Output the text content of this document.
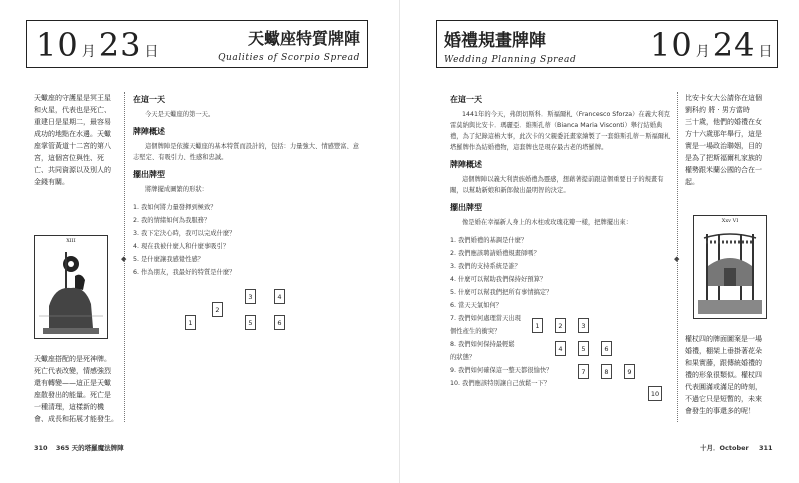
10 月 23 日
天蠍座特質牌陣
Qualities of Scorpio Spread
天蠍座的守護星是冥王星
和火星，代表也是死亡、
重建日是星期二，最容易
成功的地點在水邊。天蠍
座掌管黃道十二宮的第八
宮，這個宮位與性、死
亡、共同資源以及別人的
金錢有關。
XIII
天蠍座搭配的是死神牌。
死亡代表改變，情感強烈
還有轉變——這正是天蠍
座散發出的能量。死亡是
一種清理，這樣新的機
會、成長和拓展才能發生。
◆
在這一天
今天是天蠍座的第一天。
牌陣概述
這個牌陣是依據天蠍座的基本特質而設計的，包括：力量強大、情感豐富、意志堅定、有吸引力、性感和忠誠。
擺出牌型
將牌擺成圖繁的形狀：
1. 我如何將力量發揮到極致？
2. 我的情緒如何為我服務？
3. 我下定決心時，我可以完成什麼？
4. 現在我被什麼人和什麼事吸引？
5. 是什麼讓我感覺性感？
6. 作為朋友，我最好的特質是什麼？
1
2
3	4
5	6
310 365 天的塔羅魔法牌陣
婚禮規畫牌陣
Wedding Planning Spread	10 月 24 日
在這一天
1441年的今天，弗朗切斯科．斯福爾札（Francesco Sforza）在義大利克雷莫納與比安卡．瑪麗亞．維斯孔蒂（Bianca Maria Visconti）舉行結婚典禮，為了紀錄這樁大事，此次卡的父親委託畫家繪製了一套維斯孔蒂－斯福爾札塔羅牌作為結婚禮物，這套牌也是現存最古老的塔羅牌。
牌陣概述
這個牌陣以義大利貴族婚禮為靈感，想藉著提前跟這個重要日子的規畫有關，以幫助新娘和新郎做出最明智的決定。
擺出牌型
像是婚在幸福新人身上的木柱或玫瑰花瓣一樣，把牌擺出來：
1. 我們婚禮的基調是什麼？
2. 我們應該聘請婚禮規畫師嗎？
3. 我們的支持系統是誰？
4. 什麼可以幫助我們保持好預算？
5. 什麼可以幫我們把所有事情搞定？
6. 當天天氣如何？
7. 我們如何處理當天出現
個性產生的衝突？
8. 我們如何保持最輕鬆
的狀態？
9. 我們如何確保這一整天都很愉快？
10. 我們應該特別讓自己放鬆一下？
1	2	3
4	5	6
7	8	9
10
◆
比安卡女大公請你在這個
劉科約 將 · 男方當時
三十歲，他們的婚禮在女
方十六歲那年舉行，這是
實是一場政治聯姻，目的
是為了把斯福爾札家族的
權勢跟米蘭公國的合在一起。
Xxv VI
權杖四的牌面圖案是一場
婚禮，棚架上垂掛著花朵
和果實藤，跟傳統婚禮的
禮的形象很類似。權杖四
代表圓滿或滿足的時刻，
不過它只是短暫的，未來
會發生的事還多的呢！
十月．October 311
